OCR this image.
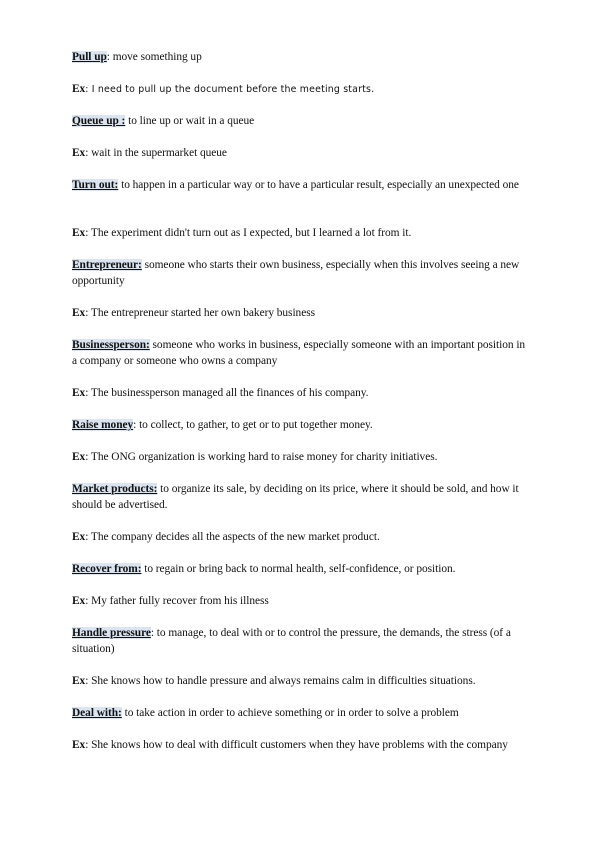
Pull up: move something up
Ex: I need to pull up the document before the meeting starts.
Queue up : to line up or wait in a queue
Ex: wait in the supermarket queue
Turn out: to happen in a particular way or to have a particular result, especially an unexpected one
Ex: The experiment didn't turn out as I expected, but I learned a lot from it.
Entrepreneur: someone who starts their own business, especially when this involves seeing a new opportunity
Ex: The entrepreneur started her own bakery business
Businessperson: someone who works in business, especially someone with an important position in a company or someone who owns a company
Ex: The businessperson managed all the finances of his company.
Raise money: to collect, to gather, to get or to put together money.
Ex: The ONG organization is working hard to raise money for charity initiatives.
Market products: to organize its sale, by deciding on its price, where it should be sold, and how it should be advertised.
Ex: The company decides all the aspects of the new market product.
Recover from: to regain or bring back to normal health, self-confidence, or position.
Ex: My father fully recover from his illness
Handle pressure: to manage, to deal with or to control the pressure, the demands, the stress (of a situation)
Ex: She knows how to handle pressure and always remains calm in difficulties situations.
Deal with: to take action in order to achieve something or in order to solve a problem
Ex: She knows how to deal with difficult customers when they have problems with the company
